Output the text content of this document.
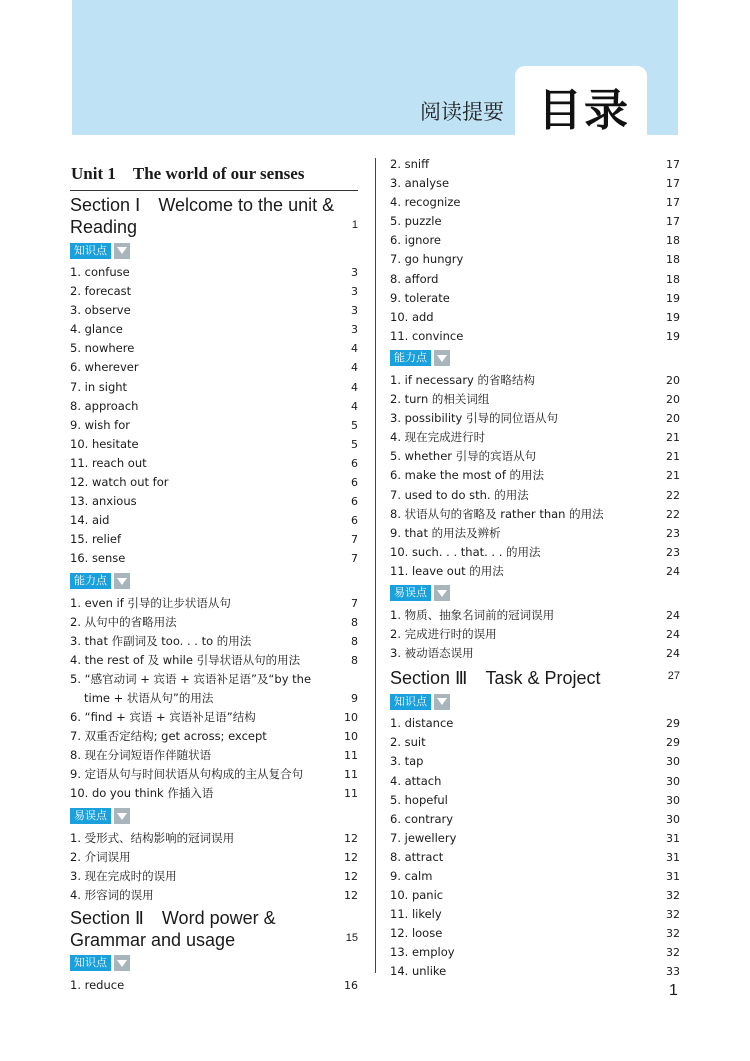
阅读提要 目录
Unit 1　The world of our senses
Section Ⅰ　Welcome to the unit & Reading	1
知识点
1. confuse	3
2. forecast	3
3. observe	3
4. glance	3
5. nowhere	4
6. wherever	4
7. in sight	4
8. approach	4
9. wish for	5
10. hesitate	5
11. reach out	6
12. watch out for	6
13. anxious	6
14. aid	6
15. relief	7
16. sense	7
能力点
1. even if 引导的让步状语从句	7
2. 从句中的省略用法	8
3. that 作副词及 too. . . to 的用法	8
4. the rest of 及 while 引导状语从句的用法	8
5. “感官动词 + 宾语 + 宾语补足语”及“by the
time + 状语从句”的用法	9
6. “find + 宾语 + 宾语补足语”结构	10
7. 双重否定结构; get across; except	10
8. 现在分词短语作伴随状语	11
9. 定语从句与时间状语从句构成的主从复合句	11
10. do you think 作插入语	11
易误点
1. 受形式、结构影响的冠词误用	12
2. 介词误用	12
3. 现在完成时的误用	12
4. 形容词的误用	12
Section Ⅱ　Word power & Grammar and usage	15
知识点
1. reduce	16
2. sniff	17
3. analyse	17
4. recognize	17
5. puzzle	17
6. ignore	18
7. go hungry	18
8. afford	18
9. tolerate	19
10. add	19
11. convince	19
能力点
1. if necessary 的省略结构	20
2. turn 的相关词组	20
3. possibility 引导的同位语从句	20
4. 现在完成进行时	21
5. whether 引导的宾语从句	21
6. make the most of 的用法	21
7. used to do sth. 的用法	22
8. 状语从句的省略及 rather than 的用法	22
9. that 的用法及辨析	23
10. such. . . that. . . 的用法	23
11. leave out 的用法	24
易误点
1. 物质、抽象名词前的冠词误用	24
2. 完成进行时的误用	24
3. 被动语态误用	24
Section Ⅲ　Task & Project	27
知识点
1. distance	29
2. suit	29
3. tap	30
4. attach	30
5. hopeful	30
6. contrary	30
7. jewellery	31
8. attract	31
9. calm	31
10. panic	32
11. likely	32
12. loose	32
13. employ	32
14. unlike	33
1
